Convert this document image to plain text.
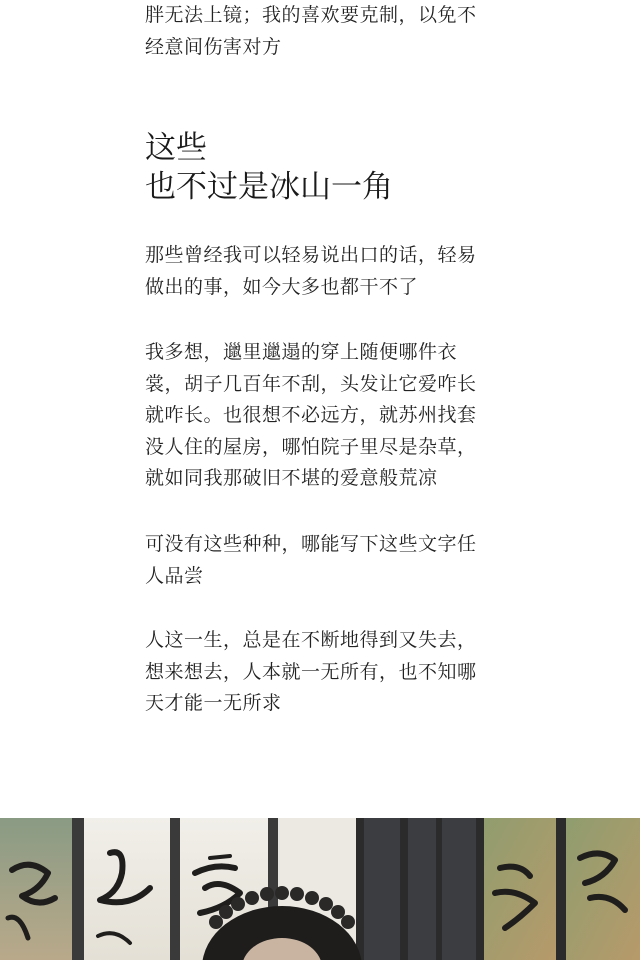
胖无法上镜；我的喜欢要克制，以免不
经意间伤害对方

这些
也不过是冰山一角

那些曾经我可以轻易说出口的话，轻易
做出的事，如今大多也都干不了

我多想，邋里邋遢的穿上随便哪件衣
裳，胡子几百年不刮，头发让它爱咋长
就咋长。也很想不必远方，就苏州找套
没人住的屋房，哪怕院子里尽是杂草，
就如同我那破旧不堪的爱意般荒凉

可没有这些种种，哪能写下这些文字任
人品尝

人这一生，总是在不断地得到又失去，
想来想去，人本就一无所有，也不知哪
天才能一无所求
